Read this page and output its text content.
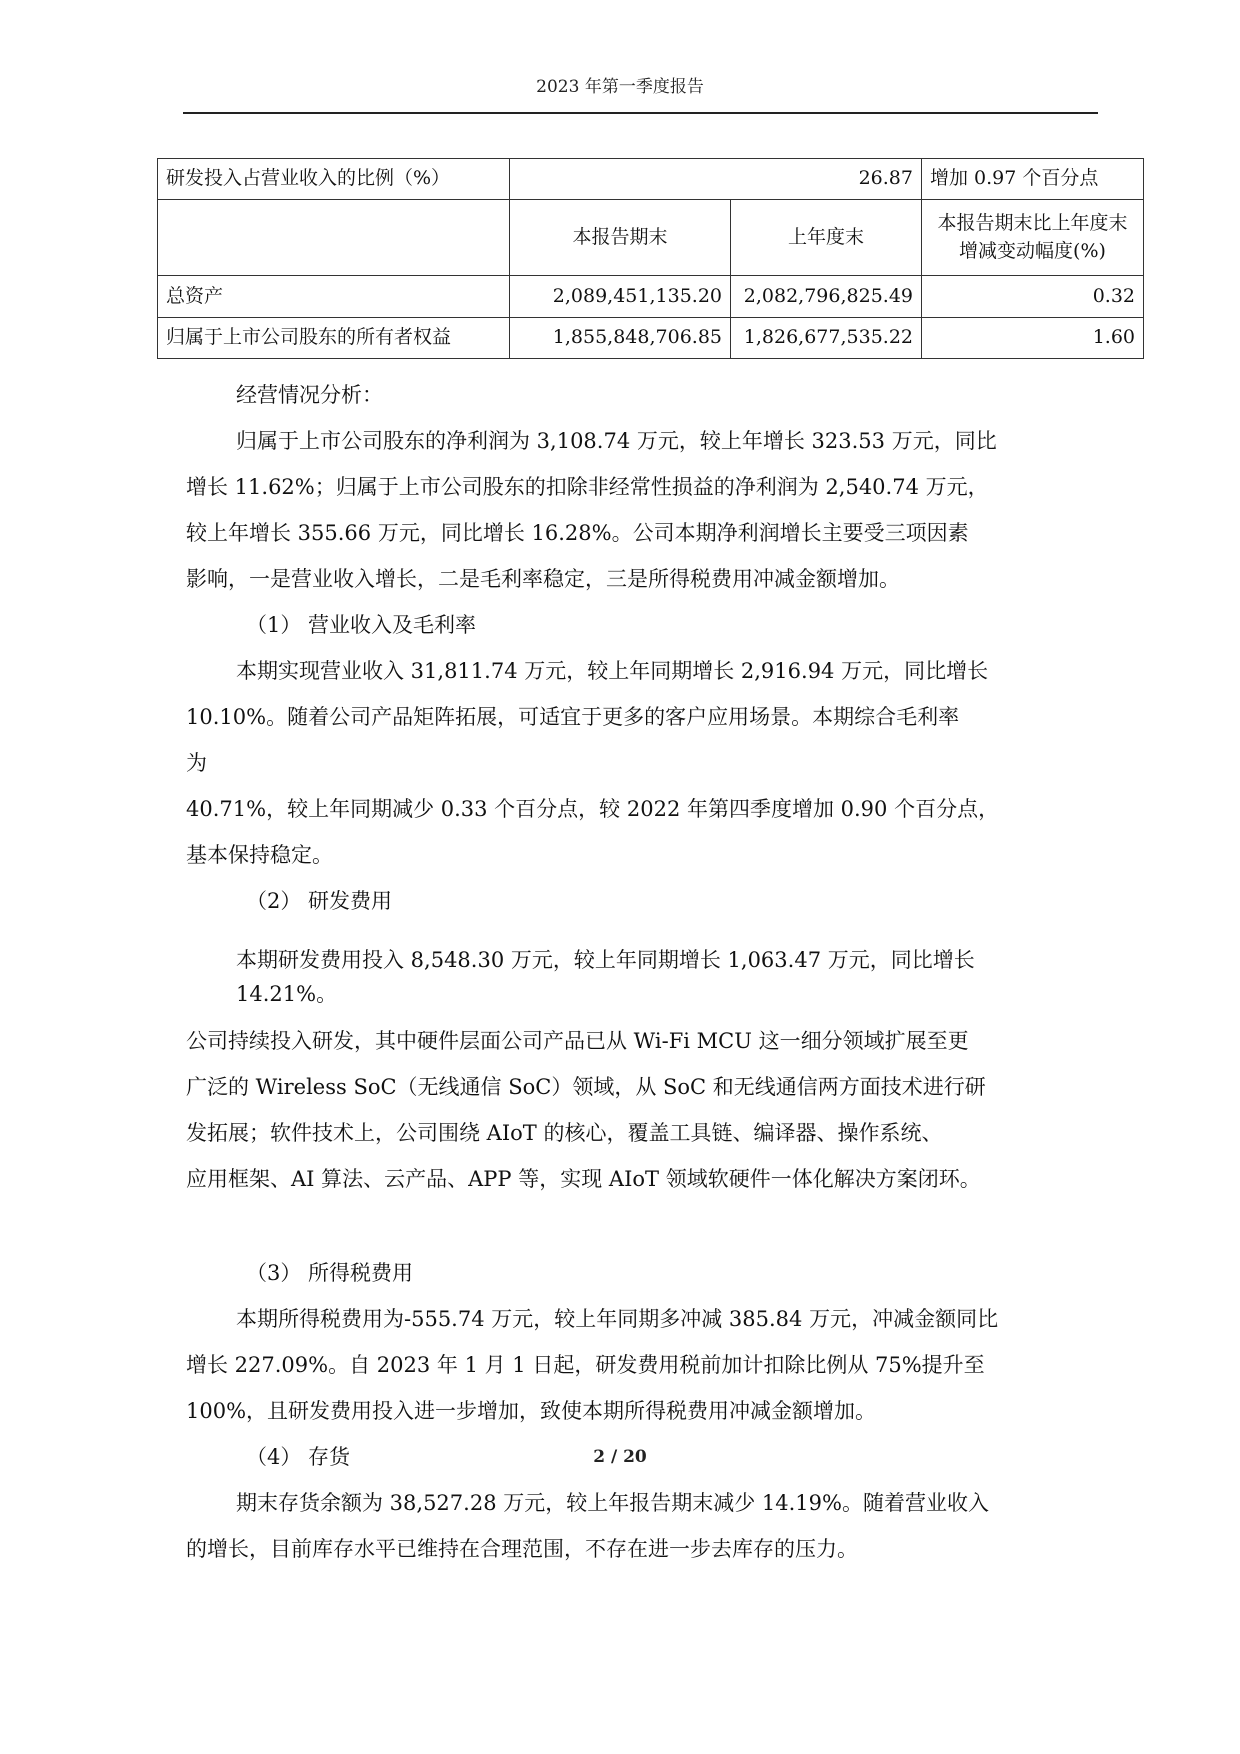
2023 年第一季度报告
研发投入占营业收入的比例（%）	26.87		增加 0.97 个百分点
	本报告期末	上年度末	本报告期末比上年度末增减变动幅度(%)
总资产	2,089,451,135.20	2,082,796,825.49	0.32
归属于上市公司股东的所有者权益	1,855,848,706.85	1,826,677,535.22	1.60
经营情况分析：
归属于上市公司股东的净利润为 3,108.74 万元，较上年增长 323.53 万元，同比
增长 11.62%；归属于上市公司股东的扣除非经常性损益的净利润为 2,540.74 万元，
较上年增长 355.66 万元，同比增长 16.28%。公司本期净利润增长主要受三项因素
影响，一是营业收入增长，二是毛利率稳定，三是所得税费用冲减金额增加。
（1） 营业收入及毛利率
本期实现营业收入 31,811.74 万元，较上年同期增长 2,916.94 万元，同比增长
10.10%。随着公司产品矩阵拓展，可适宜于更多的客户应用场景。本期综合毛利率
为
40.71%，较上年同期减少 0.33 个百分点，较 2022 年第四季度增加 0.90 个百分点，
基本保持稳定。
（2） 研发费用
本期研发费用投入 8,548.30 万元，较上年同期增长 1,063.47 万元，同比增长
14.21%。
公司持续投入研发，其中硬件层面公司产品已从 Wi-Fi MCU 这一细分领域扩展至更
广泛的 Wireless SoC（无线通信 SoC）领域，从 SoC 和无线通信两方面技术进行研
发拓展；软件技术上，公司围绕 AIoT 的核心，覆盖工具链、编译器、操作系统、
应用框架、AI 算法、云产品、APP 等，实现 AIoT 领域软硬件一体化解决方案闭环。
（3） 所得税费用
本期所得税费用为-555.74 万元，较上年同期多冲减 385.84 万元，冲减金额同比
增长 227.09%。自 2023 年 1 月 1 日起，研发费用税前加计扣除比例从 75%提升至
100%，且研发费用投入进一步增加，致使本期所得税费用冲减金额增加。
（4） 存货
期末存货余额为 38,527.28 万元，较上年报告期末减少 14.19%。随着营业收入
的增长，目前库存水平已维持在合理范围，不存在进一步去库存的压力。
2 / 20
